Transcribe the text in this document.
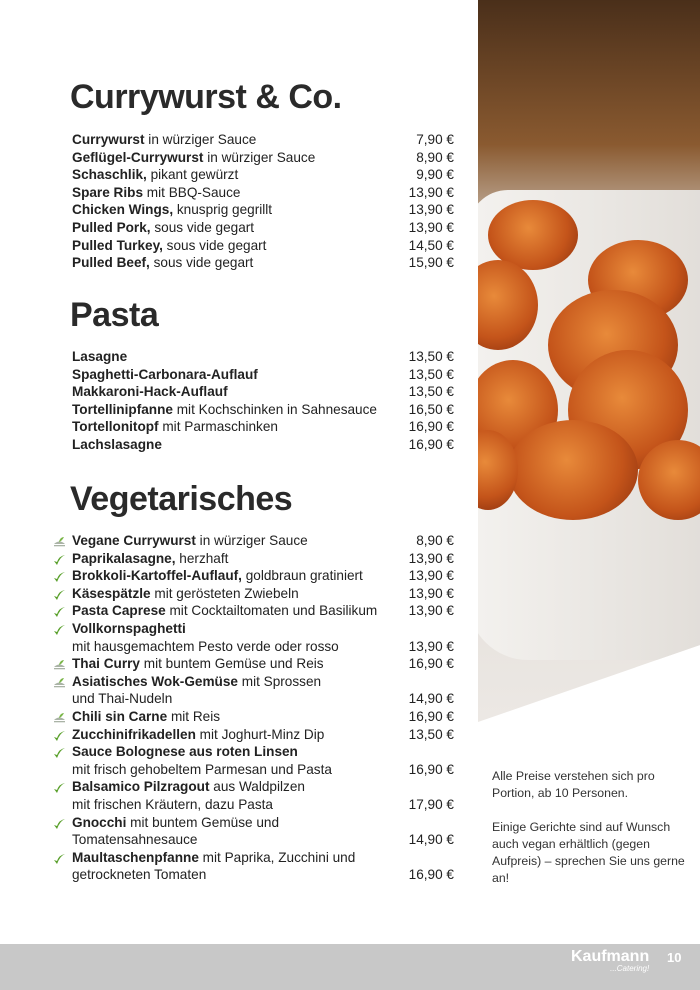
Currywurst & Co.
Currywurst in würziger Sauce	7,90 €
Geflügel-Currywurst in würziger Sauce	8,90 €
Schaschlik, pikant gewürzt	9,90 €
Spare Ribs mit BBQ-Sauce	13,90 €
Chicken Wings, knusprig gegrillt	13,90 €
Pulled Pork, sous vide gegart	13,90 €
Pulled Turkey, sous vide gegart	14,50 €
Pulled Beef, sous vide gegart	15,90 €
Pasta
Lasagne	13,50 €
Spaghetti-Carbonara-Auflauf	13,50 €
Makkaroni-Hack-Auflauf	13,50 €
Tortellinipfanne mit Kochschinken in Sahnesauce 16,50 €
Tortellonitopf mit Parmaschinken	16,90 €
Lachslasagne	16,90 €
Vegetarisches
Vegane Currywurst in würziger Sauce	8,90 €
Paprikalasagne, herzhaft	13,90 €
Brokkoli-Kartoffel-Auflauf, goldbraun gratiniert	13,90 €
Käsespätzle mit gerösteten Zwiebeln	13,90 €
Pasta Caprese mit Cocktailtomaten und Basilikum 13,90 €
Vollkornspaghetti
mit hausgemachtem Pesto verde oder rosso	13,90 €
Thai Curry mit buntem Gemüse und Reis	16,90 €
Asiatisches Wok-Gemüse mit Sprossen
und Thai-Nudeln	14,90 €
Chili sin Carne mit Reis	16,90 €
Zucchinifrikadellen mit Joghurt-Minz Dip	13,50 €
Sauce Bolognese aus roten Linsen
mit frisch gehobeltem Parmesan und Pasta	16,90 €
Balsamico Pilzragout aus Waldpilzen
mit frischen Kräutern, dazu Pasta	17,90 €
Gnocchi mit buntem Gemüse und
Tomatensahnesauce	14,90 €
Maultaschenpfanne mit Paprika, Zucchini und
getrockneten Tomaten	16,90 €

Alle Preise verstehen sich pro Portion, ab 10 Personen.

Einige Gerichte sind auf Wunsch auch vegan erhältlich (gegen Aufpreis) – sprechen Sie uns gerne an!

Kaufmann
...Catering!
10
